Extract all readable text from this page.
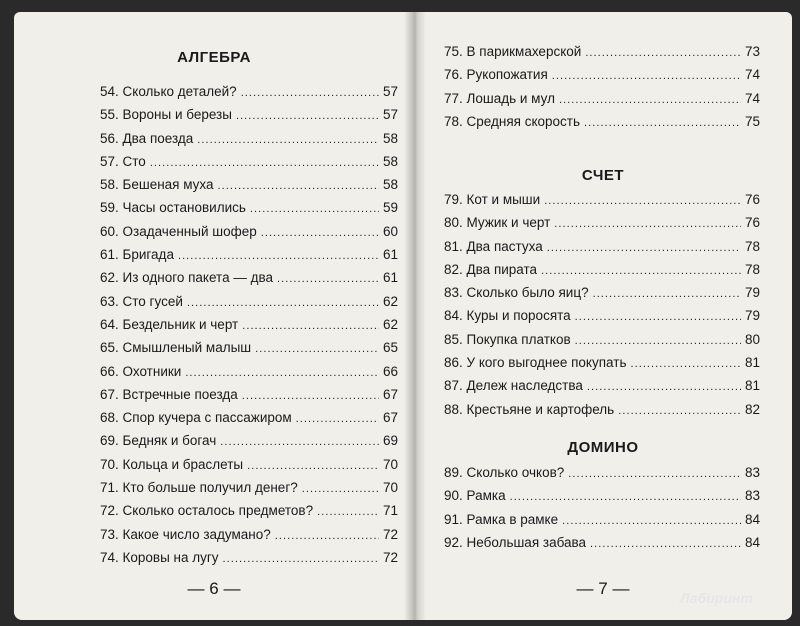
АЛГЕБРА
54. Сколько деталей? . . .	57
55. Вороны и березы . . .	57
56. Два поезда . . .	58
57. Сто . . .	58
58. Бешеная муха . . .	58
59. Часы остановились . . .	59
60. Озадаченный шофер . . .	60
61. Бригада . . .	61
62. Из одного пакета — два . . .	61
63. Сто гусей . . .	62
64. Бездельник и черт . . .	62
65. Смышленый малыш . . .	65
66. Охотники . . .	66
67. Встречные поезда . . .	67
68. Спор кучера с пассажиром . . .	67
69. Бедняк и богач . . .	69
70. Кольца и браслеты . . .	70
71. Кто больше получил денег? . . .	70
72. Сколько осталось предметов? . . .	71
73. Какое число задумано? . . .	72
74. Коровы на лугу . . .	72
— 6 —
75. В парикмахерской . . .	73
76. Рукопожатия . . .	74
77. Лошадь и мул . . .	74
78. Средняя скорость . . .	75
СЧЕТ
79. Кот и мыши . . .	76
80. Мужик и черт . . .	76
81. Два пастуха . . .	78
82. Два пирата . . .	78
83. Сколько было яиц? . . .	79
84. Куры и поросята . . .	79
85. Покупка платков . . .	80
86. У кого выгоднее покупать . . .	81
87. Дележ наследства . . .	81
88. Крестьяне и картофель . . .	82
ДОМИНО
89. Сколько очков? . . .	83
90. Рамка . . .	83
91. Рамка в рамке . . .	84
92. Небольшая забава . . .	84
— 7 —	Лабиринт
